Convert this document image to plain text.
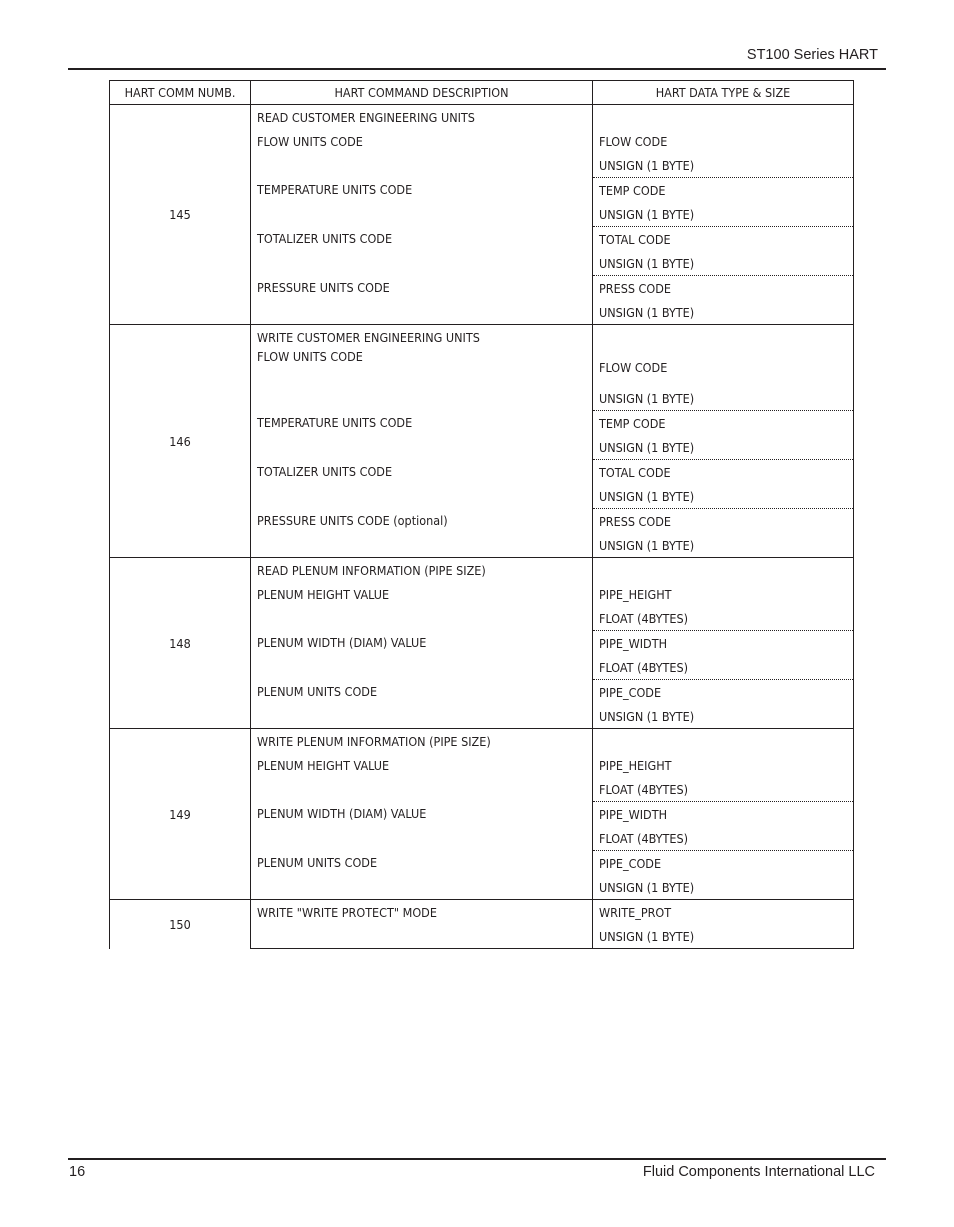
ST100 Series HART
HART COMM NUMB.	HART COMMAND DESCRIPTION	HART DATA TYPE & SIZE
145	READ CUSTOMER ENGINEERING UNITS	
	FLOW UNITS CODE	FLOW CODE
		UNSIGN (1 BYTE)
	TEMPERATURE UNITS CODE	TEMP CODE
		UNSIGN (1 BYTE)
	TOTALIZER UNITS CODE	TOTAL CODE
		UNSIGN (1 BYTE)
	PRESSURE UNITS CODE	PRESS CODE
		UNSIGN (1 BYTE)
146	WRITE CUSTOMER ENGINEERING UNITS	
	FLOW UNITS CODE	FLOW CODE
		UNSIGN (1 BYTE)
	TEMPERATURE UNITS CODE	TEMP CODE
		UNSIGN (1 BYTE)
	TOTALIZER UNITS CODE	TOTAL CODE
		UNSIGN (1 BYTE)
	PRESSURE UNITS CODE (optional)	PRESS CODE
		UNSIGN (1 BYTE)
148	READ PLENUM INFORMATION (PIPE SIZE)	
	PLENUM HEIGHT VALUE	PIPE_HEIGHT
		FLOAT (4BYTES)
	PLENUM WIDTH (DIAM) VALUE	PIPE_WIDTH
		FLOAT (4BYTES)
	PLENUM UNITS CODE	PIPE_CODE
		UNSIGN (1 BYTE)
149	WRITE PLENUM INFORMATION (PIPE SIZE)	
	PLENUM HEIGHT VALUE	PIPE_HEIGHT
		FLOAT (4BYTES)
	PLENUM WIDTH (DIAM) VALUE	PIPE_WIDTH
		FLOAT (4BYTES)
	PLENUM UNITS CODE	PIPE_CODE
		UNSIGN (1 BYTE)
150	WRITE "WRITE PROTECT" MODE	WRITE_PROT
		UNSIGN (1 BYTE)
16	Fluid Components International LLC
